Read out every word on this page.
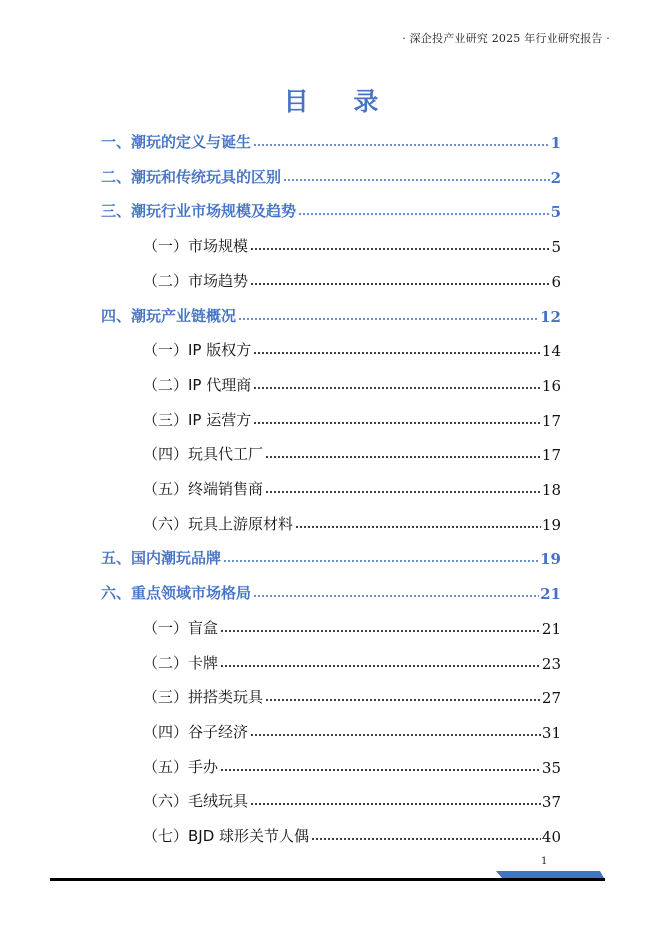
· 深企投产业研究 2025 年行业研究报告 ·
目 录
一、潮玩的定义与诞生	1
二、潮玩和传统玩具的区别	2
三、潮玩行业市场规模及趋势	5
（一）市场规模	5
（二）市场趋势	6
四、潮玩产业链概况	12
（一）IP 版权方	14
（二）IP 代理商	16
（三）IP 运营方	17
（四）玩具代工厂	17
（五）终端销售商	18
（六）玩具上游原材料	19
五、国内潮玩品牌	19
六、重点领域市场格局	21
（一）盲盒	21
（二）卡牌	23
（三）拼搭类玩具	27
（四）谷子经济	31
（五）手办	35
（六）毛绒玩具	37
（七）BJD 球形关节人偶	40
1
